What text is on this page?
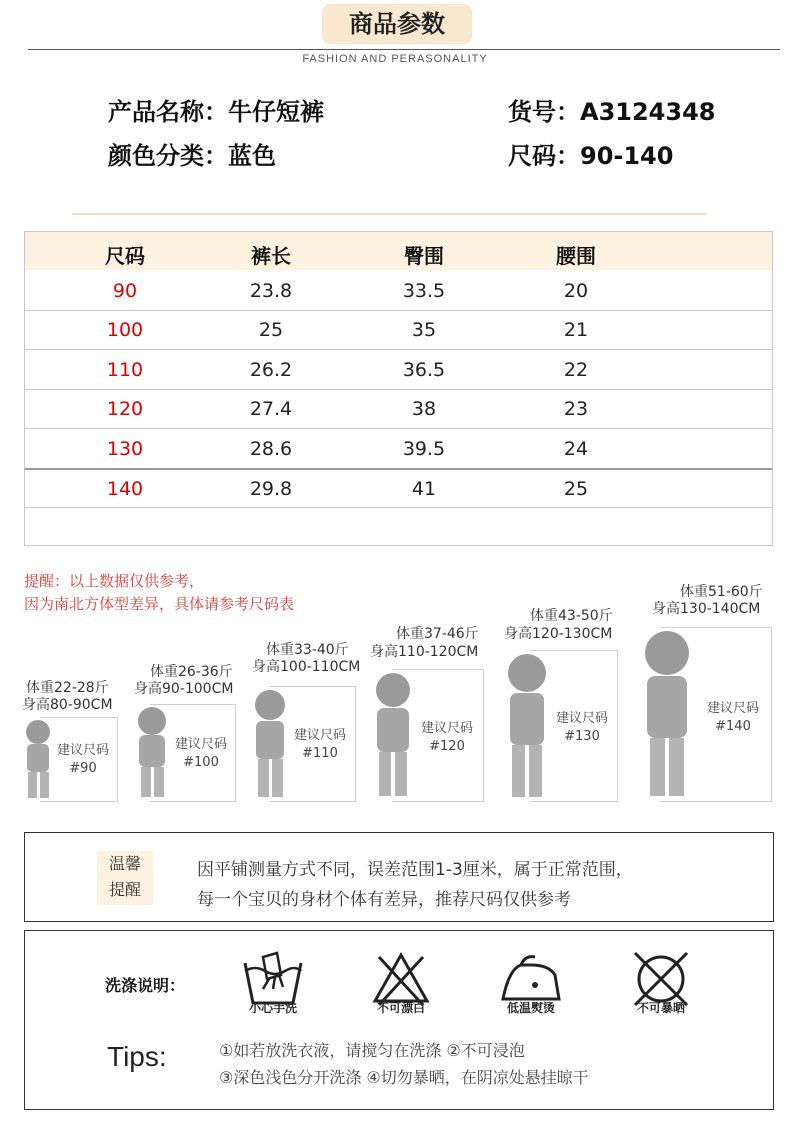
商品参数
FASHION AND PERASONALITY
产品名称：牛仔短裤	货号：A3124348
颜色分类：蓝色	尺码：90-140
尺码	裤长	臀围	腰围
90	23.8	33.5	20
100	25	35	21
110	26.2	36.5	22
120	27.4	38	23
130	28.6	39.5	24
140	29.8	41	25
提醒：以上数据仅供参考，
因为南北方体型差异，具体请参考尺码表
体重22-28斤
身高80-90CM
建议尺码
#90
体重26-36斤
身高90-100CM
建议尺码
#100
体重33-40斤
身高100-110CM
建议尺码
#110
体重37-46斤
身高110-120CM
建议尺码
#120
体重43-50斤
身高120-130CM
建议尺码
#130
体重51-60斤
身高130-140CM
建议尺码
#140
温馨
提醒
因平铺测量方式不同，误差范围1-3厘米，属于正常范围，
每一个宝贝的身材个体有差异，推荐尺码仅供参考
洗涤说明：
小心手洗	不可漂白	低温熨烫	不可暴晒
Tips:	①如若放洗衣液，请搅匀在洗涤 ②不可浸泡
③深色浅色分开洗涤 ④切勿暴晒，在阴凉处悬挂晾干
